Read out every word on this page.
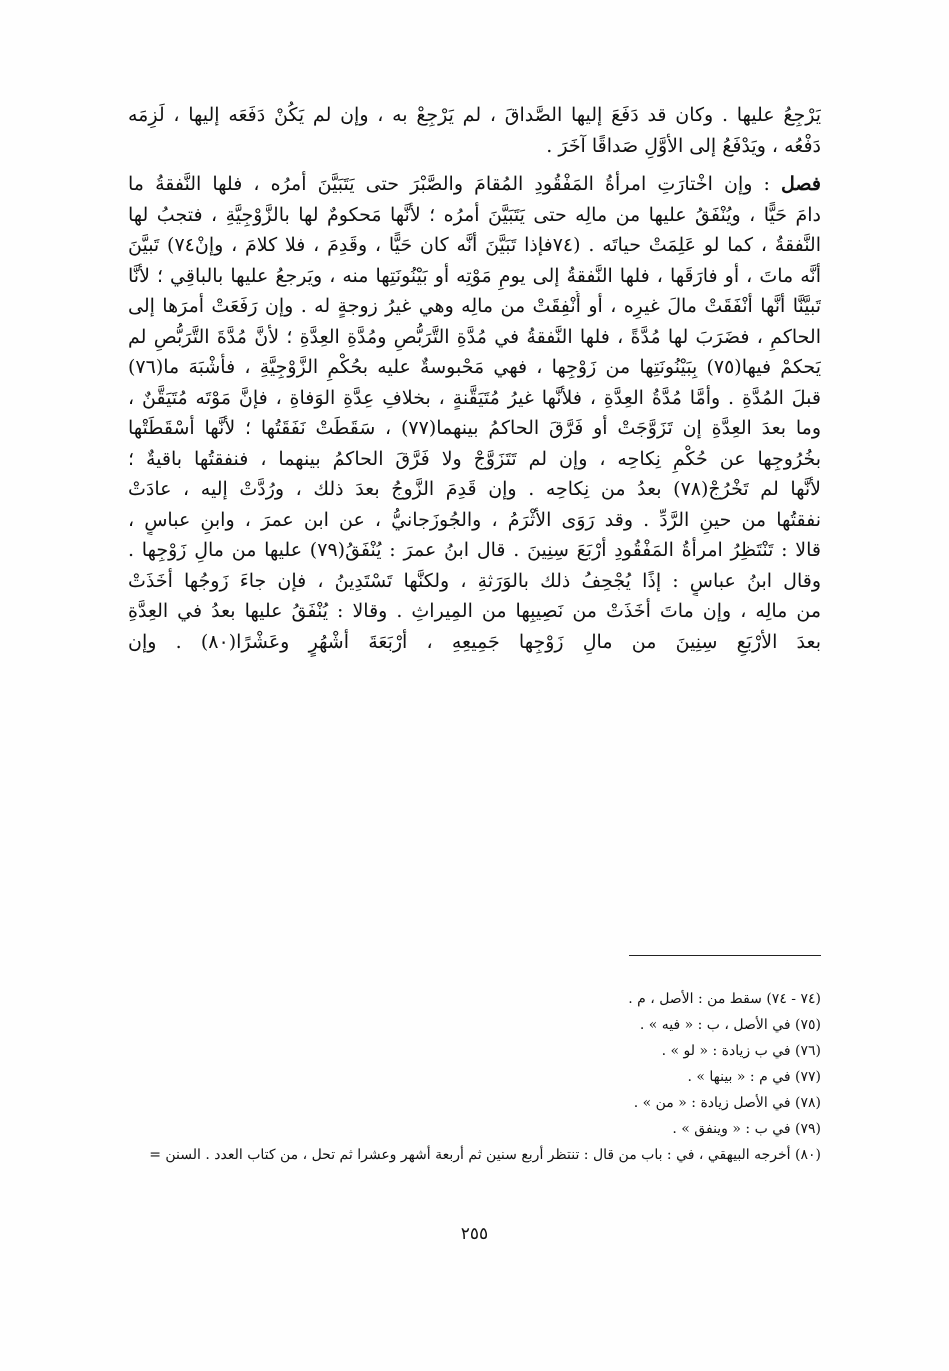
يَرْجِعُ عليها . وكان قد دَفَعَ إليها الصَّداقَ ، لم يَرْجِعْ به ، وإن لم يَكُنْ دَفَعَه إليها ، لَزِمَه
دَفْعُه ، ويَدْفَعُ إلى الأوَّلِ صَداقًا آخَرَ .
فصل : وإن اخْتارَتِ امرأةُ المَفْقُودِ المُقامَ والصَّبْرَ حتى يَتَبَيَّنَ أمرُه ، فلها النَّفقةُ ما
دامَ حَيًّا ، ويُنْفَقُ عليها من مالِه حتى يَتَبَيَّنَ أمرُه ؛ لأنَّها مَحكومٌ لها بالزَّوْجِيَّةِ ، فتجبُ لها
النَّفقةُ ، كما لو عَلِمَتْ حياتَه . (٧٤فإذا تَبَيَّنَ أنَّه كان حَيًّا ، وقَدِمَ ، فلا كلامَ ، وإنْ٧٤) تَبيَّنَ
أنَّه ماتَ ، أو فارَقَها ، فلها النَّفقةُ إلى يومِ مَوْتِه أو بَيْنُونَتِها منه ، ويَرجعُ عليها بالباقِي ؛ لأنَّا
تَبيَّنَّا أنَّها أنْفَقَتْ مالَ غيرِه ، أو أُنْفِقَتْ من مالِه وهي غيرُ زوجةٍ له . وإن رَفَعَتْ أمرَها إلى
الحاكمِ ، فضَرَبَ لها مُدَّةً ، فلها النَّفقةُ في مُدَّةِ التَّرَبُّصِ ومُدَّةِ العِدَّةِ ؛ لأنَّ مُدَّةَ التَّرَبُّصِ لم
يَحكمْ فيها(٧٥) بِبَيْنُونَتِها من زَوْجِها ، فهي مَحْبوسةٌ عليه بحُكْمِ الزَّوْجِيَّةِ ، فأشْبَهَ ما(٧٦)
قبلَ المُدَّةِ . وأمَّا مُدَّةُ العِدَّةِ ، فلأنَّها غيرُ مُتَيَقَّنةٍ ، بخلافِ عِدَّةِ الوَفاةِ ، فإنَّ مَوْتَه مُتَيَقَّنٌ ،
وما بعدَ العِدَّةِ إن تَزَوَّجَتْ أو فَرَّقَ الحاكمُ بينهما(٧٧) ، سَقَطَتْ نَفَقَتُها ؛ لأنَّها أسْقَطَتْها
بخُرُوجِها عن حُكْمِ نِكاحِه ، وإن لم تَتَزَوَّجْ ولا فَرَّقَ الحاكمُ بينهما ، فنفقتُها باقيةٌ ؛
لأنَّها لم تَخْرُجْ(٧٨) بعدُ من نِكاحِه . وإن قَدِمَ الزَّوجُ بعدَ ذلك ، ورُدَّتْ إليه ، عادَتْ
نفقتُها من حينِ الرَّدِّ . وقد رَوَى الأثْرَمُ ، والجُوزَجانيُّ ، عن ابن عمرَ ، وابنِ عباسٍ ،
قالا : تَنْتَظِرُ امرأةُ المَفْقُودِ أرْبَعَ سِنِينَ . قال ابنُ عمرَ : يُنْفَقُ(٧٩) عليها من مالِ زَوْجِها .
وقال ابنُ عباسٍ : إذًا يُجْحِفُ ذلك بالوَرَثةِ ، ولكنَّها تَسْتَدِينُ ، فإن جاءَ زَوجُها أخَذَتْ
من مالِه ، وإن ماتَ أخَذَتْ من نَصِيبِها من المِيراثِ . وقالا : يُنْفَقُ عليها بعدُ في العِدَّةِ
بعدَ الأرْبَعِ سِنِينَ من مالِ زَوْجِها جَمِيعِهِ ، أرْبَعَةَ أشْهُرٍ وعَشْرًا(٨٠) . وإن
(٧٤ - ٧٤) سقط من : الأصل ، م .
(٧٥) في الأصل ، ب : « فيه » .
(٧٦) في ب زيادة : « لو » .
(٧٧) في م : « بينها » .
(٧٨) في الأصل زيادة : « من » .
(٧٩) في ب : « وينفق » .
(٨٠) أخرجه البيهقي ، في : باب من قال : تنتظر أربع سنين ثم أربعة أشهر وعشرا ثم تحل ، من كتاب العدد . السنن =
٢٥٥
